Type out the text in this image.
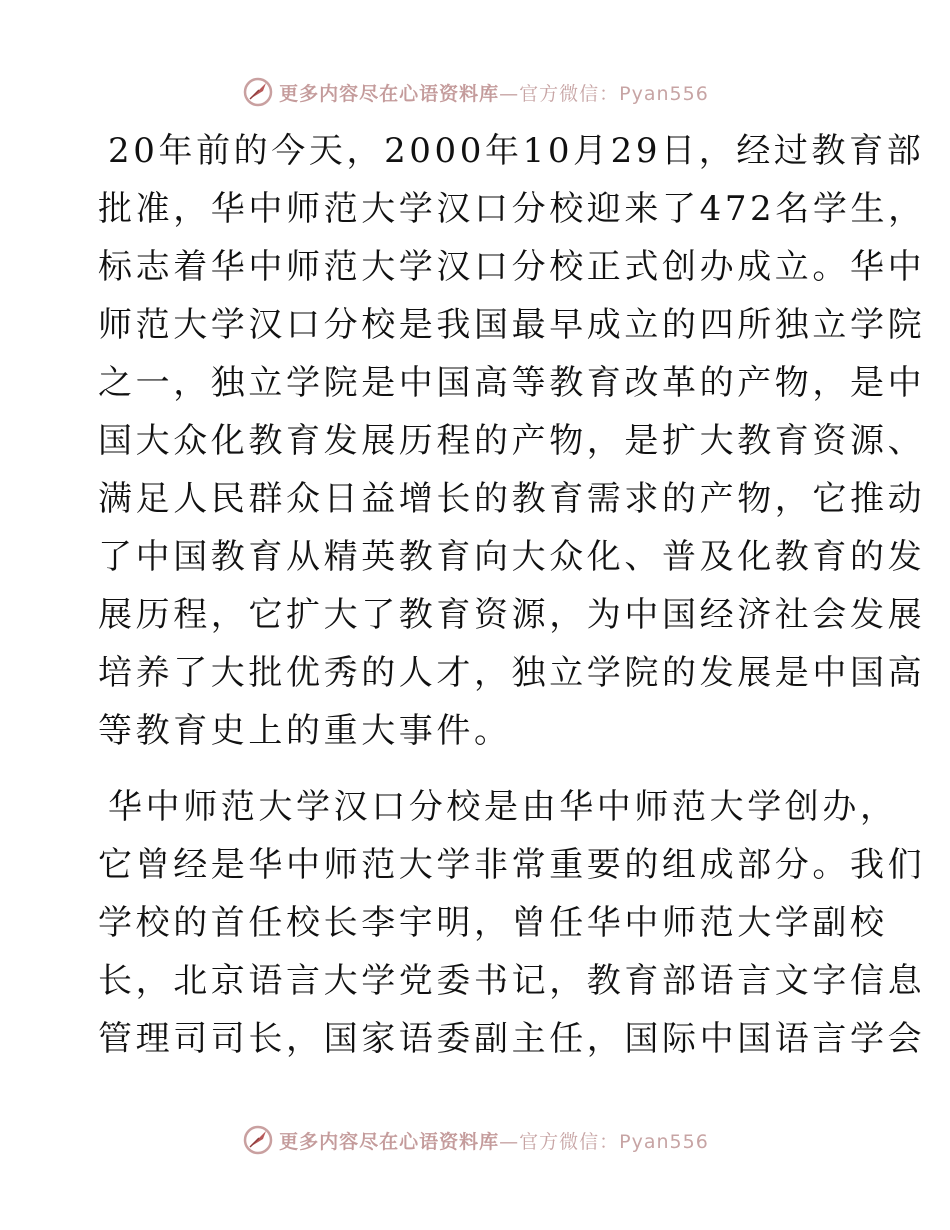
更多内容尽在心语资料库—官方微信：Pyan556
20年前的今天，2000年10月29日，经过教育部
批准，华中师范大学汉口分校迎来了472名学生，
标志着华中师范大学汉口分校正式创办成立。华中
师范大学汉口分校是我国最早成立的四所独立学院
之一，独立学院是中国高等教育改革的产物，是中
国大众化教育发展历程的产物，是扩大教育资源、
满足人民群众日益增长的教育需求的产物，它推动
了中国教育从精英教育向大众化、普及化教育的发
展历程，它扩大了教育资源，为中国经济社会发展
培养了大批优秀的人才，独立学院的发展是中国高
等教育史上的重大事件。
华中师范大学汉口分校是由华中师范大学创办，
它曾经是华中师范大学非常重要的组成部分。我们
学校的首任校长李宇明，曾任华中师范大学副校
长，北京语言大学党委书记，教育部语言文字信息
管理司司长，国家语委副主任，国际中国语言学会
更多内容尽在心语资料库—官方微信：Pyan556
